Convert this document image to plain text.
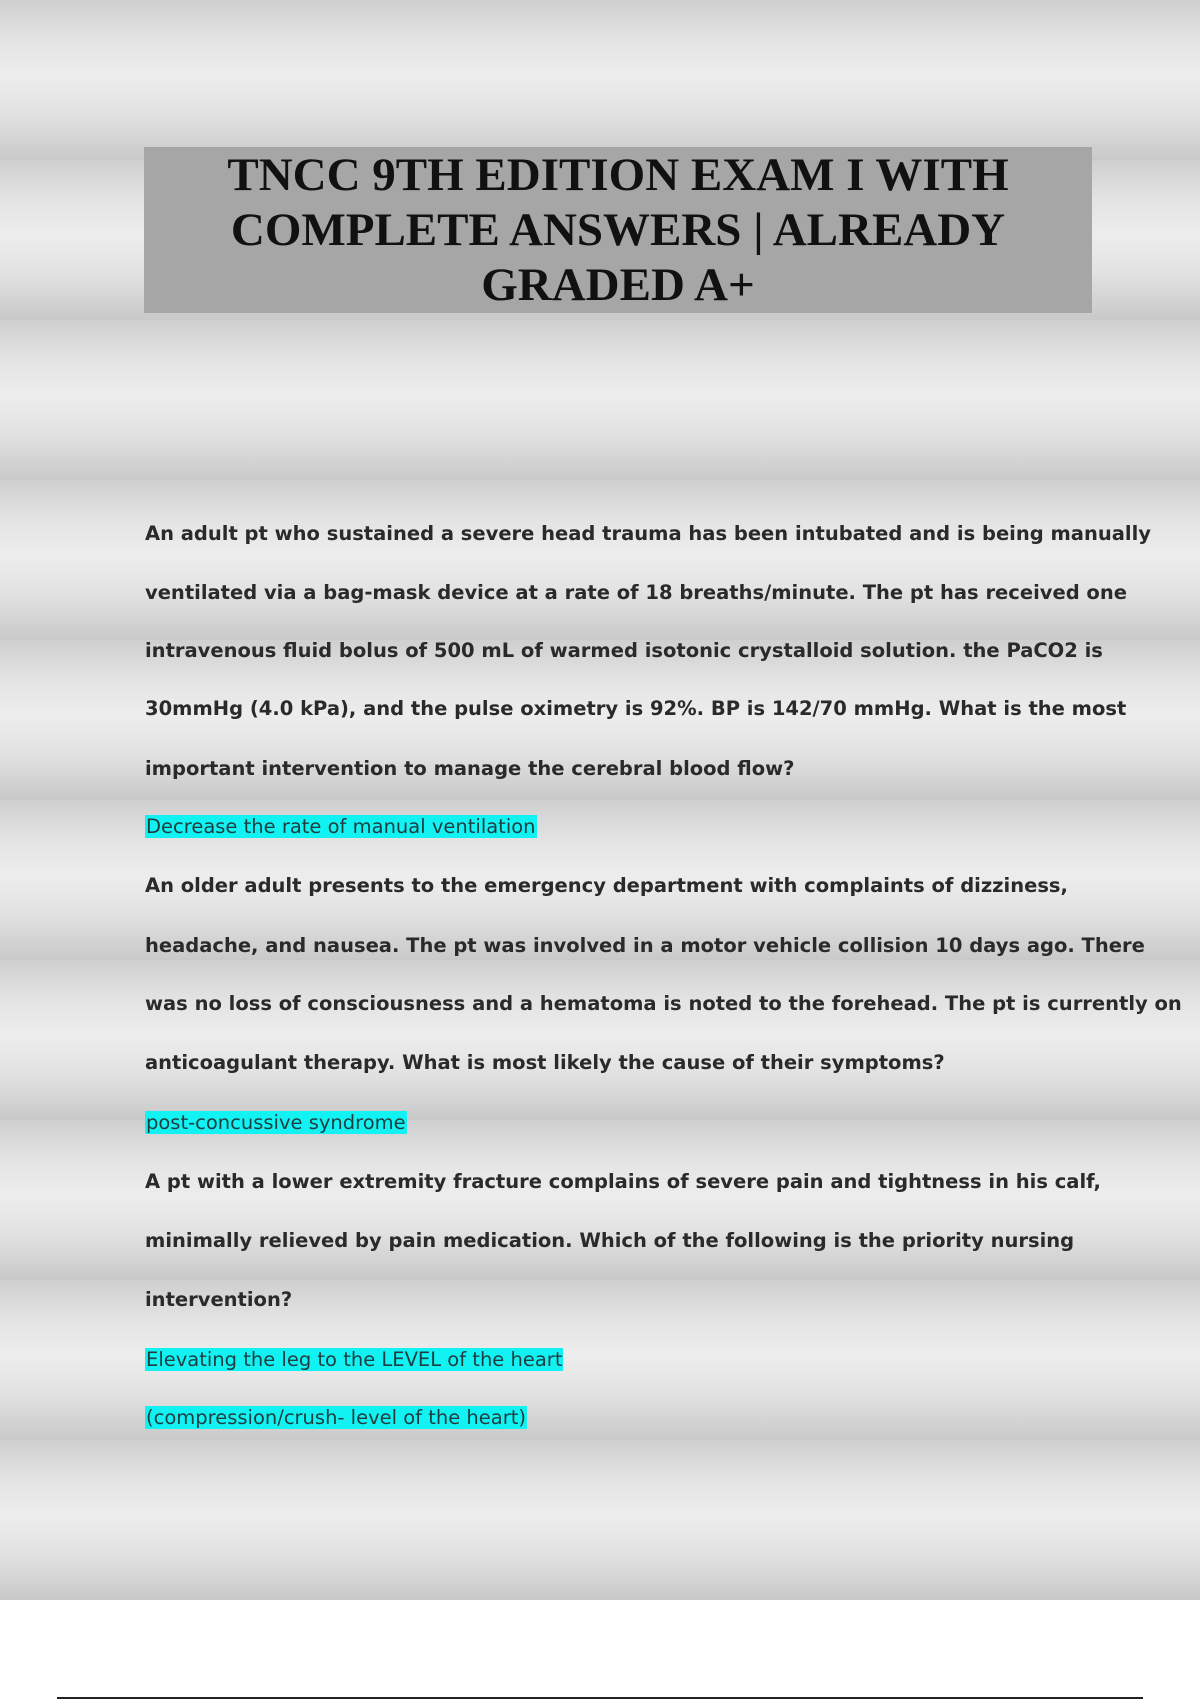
TNCC 9TH EDITION EXAM I WITH COMPLETE ANSWERS | ALREADY GRADED A+
An adult pt who sustained a severe head trauma has been intubated and is being manually
ventilated via a bag-mask device at a rate of 18 breaths/minute. The pt has received one
intravenous fluid bolus of 500 mL of warmed isotonic crystalloid solution. the PaCO2 is
30mmHg (4.0 kPa), and the pulse oximetry is 92%. BP is 142/70 mmHg. What is the most
important intervention to manage the cerebral blood flow?
Decrease the rate of manual ventilation
An older adult presents to the emergency department with complaints of dizziness,
headache, and nausea. The pt was involved in a motor vehicle collision 10 days ago. There
was no loss of consciousness and a hematoma is noted to the forehead. The pt is currently on
anticoagulant therapy. What is most likely the cause of their symptoms?
post-concussive syndrome
A pt with a lower extremity fracture complains of severe pain and tightness in his calf,
minimally relieved by pain medication. Which of the following is the priority nursing
intervention?
Elevating the leg to the LEVEL of the heart
(compression/crush- level of the heart)
